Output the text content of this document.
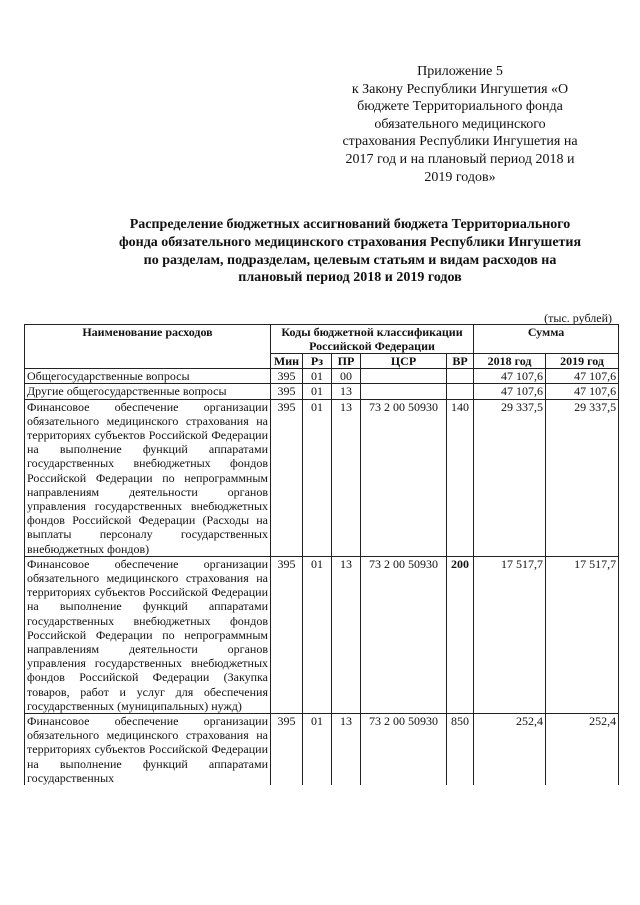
Приложение 5
к Закону Республики Ингушетия «О
бюджете Территориального фонда
обязательного медицинского
страхования Республики Ингушетия на
2017 год и на плановый период 2018 и
2019 годов»
Распределение бюджетных ассигнований бюджета Территориального
фонда обязательного медицинского страхования Республики Ингушетия
по разделам, подразделам, целевым статьям и видам расходов на
плановый период 2018 и 2019 годов
(тыс. рублей)
Наименование расходов	Коды бюджетной классификации Российской Федерации					Сумма	
	Мин	Рз	ПР	ЦСР	ВР	2018 год	2019 год
Общегосударственные вопросы	395	01	00			47 107,6	47 107,6
Другие общегосударственные вопросы	395	01	13			47 107,6	47 107,6
Финансовое обеспечение организации обязательного медицинского страхования на территориях субъектов Российской Федерации на выполнение функций аппаратами государственных внебюджетных фондов Российской Федерации по непрограммным направлениям деятельности органов управления государственных внебюджетных фондов Российской Федерации (Расходы на выплаты персоналу государственных внебюджетных фондов)	395	01	13	73 2 00 50930	140	29 337,5	29 337,5
Финансовое обеспечение организации обязательного медицинского страхования на территориях субъектов Российской Федерации на выполнение функций аппаратами государственных внебюджетных фондов Российской Федерации по непрограммным направлениям деятельности органов управления государственных внебюджетных фондов Российской Федерации (Закупка товаров, работ и услуг для обеспечения государственных (муниципальных) нужд)	395	01	13	73 2 00 50930	200	17 517,7	17 517,7
Финансовое обеспечение организации обязательного медицинского страхования на территориях субъектов Российской Федерации на выполнение функций аппаратами государственных	395	01	13	73 2 00 50930	850	252,4	252,4
